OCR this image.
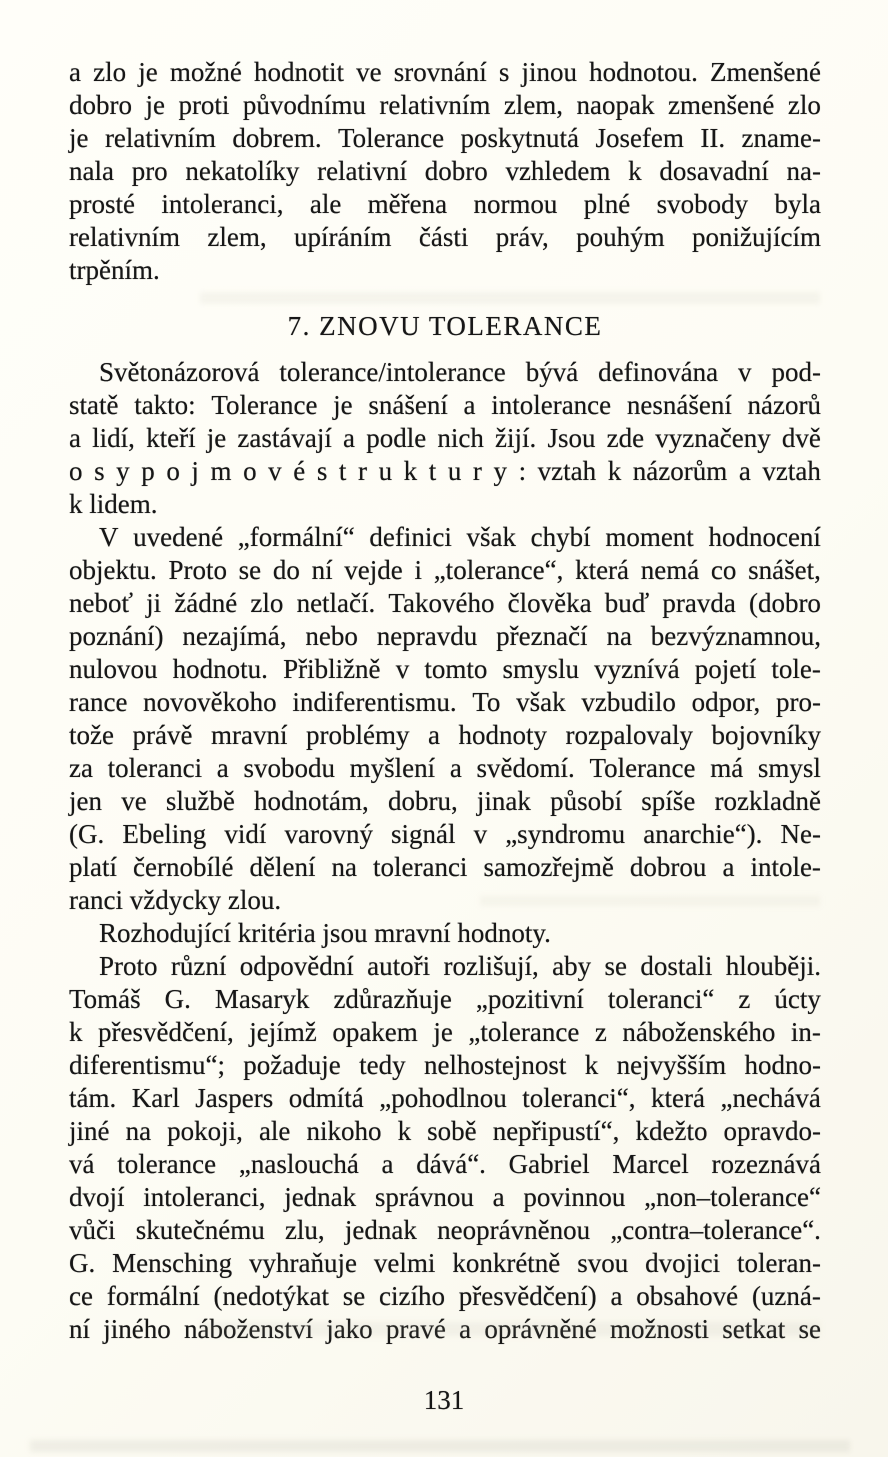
a zlo je možné hodnotit ve srovnání s jinou hodnotou. Zmenšené
dobro je proti původnímu relativním zlem, naopak zmenšené zlo
je relativním dobrem. Tolerance poskytnutá Josefem II. zname-
nala pro nekatolíky relativní dobro vzhledem k dosavadní na-
prosté intoleranci, ale měřena normou plné svobody byla
relativním zlem, upíráním části práv, pouhým ponižujícím
trpěním.
7. ZNOVU TOLERANCE
Světonázorová tolerance/intolerance bývá definována v pod-
statě takto: Tolerance je snášení a intolerance nesnášení názorů
a lidí, kteří je zastávají a podle nich žijí. Jsou zde vyznačeny dvě
o s y p o j m o v é s t r u k t u r y : vztah k názorům a vztah
k lidem.
V uvedené „formální“ definici však chybí moment hodnocení
objektu. Proto se do ní vejde i „tolerance“, která nemá co snášet,
neboť ji žádné zlo netlačí. Takového člověka buď pravda (dobro
poznání) nezajímá, nebo nepravdu přeznačí na bezvýznamnou,
nulovou hodnotu. Přibližně v tomto smyslu vyznívá pojetí tole-
rance novověkoho indiferentismu. To však vzbudilo odpor, pro-
tože právě mravní problémy a hodnoty rozpalovaly bojovníky
za toleranci a svobodu myšlení a svědomí. Tolerance má smysl
jen ve službě hodnotám, dobru, jinak působí spíše rozkladně
(G. Ebeling vidí varovný signál v „syndromu anarchie“). Ne-
platí černobílé dělení na toleranci samozřejmě dobrou a intole-
ranci vždycky zlou.
Rozhodující kritéria jsou mravní hodnoty.
Proto různí odpovědní autoři rozlišují, aby se dostali hlouběji.
Tomáš G. Masaryk zdůrazňuje „pozitivní toleranci“ z úcty
k přesvědčení, jejímž opakem je „tolerance z náboženského in-
diferentismu“; požaduje tedy nelhostejnost k nejvyšším hodno-
tám. Karl Jaspers odmítá „pohodlnou toleranci“, která „nechává
jiné na pokoji, ale nikoho k sobě nepřipustí“, kdežto opravdo-
vá tolerance „naslouchá a dává“. Gabriel Marcel rozeznává
dvojí intoleranci, jednak správnou a povinnou „non–tolerance“
vůči skutečnému zlu, jednak neoprávněnou „contra–tolerance“.
G. Mensching vyhraňuje velmi konkrétně svou dvojici toleran-
ce formální (nedotýkat se cizího přesvědčení) a obsahové (uzná-
ní jiného náboženství jako pravé a oprávněné možnosti setkat se
131
